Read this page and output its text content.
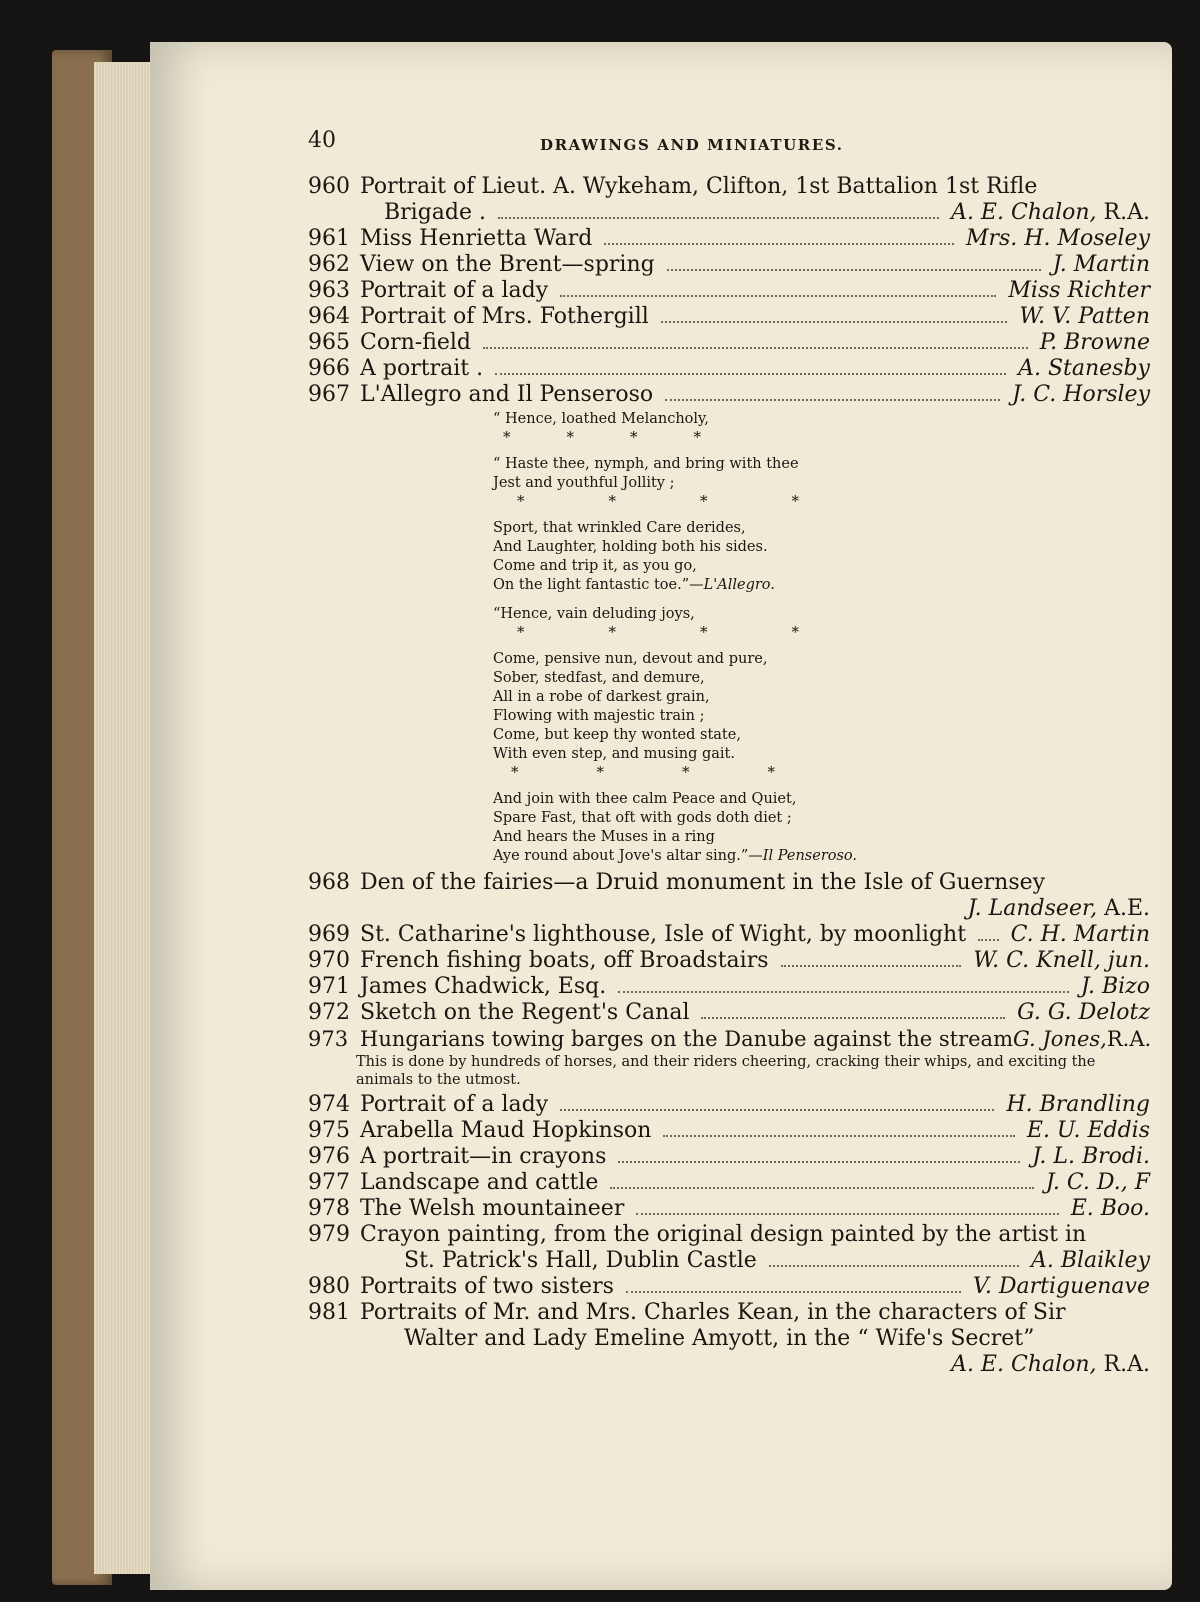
40	DRAWINGS AND MINIATURES.
960 Portrait of Lieut. A. Wykeham, Clifton, 1st Battalion 1st Rifle
Brigade .	A. E. Chalon, R.A.
961 Miss Henrietta Ward	Mrs. H. Moseley
962 View on the Brent—spring	J. Martin
963 Portrait of a lady	Miss Richter
964 Portrait of Mrs. Fothergill	W. V. Patten
965 Corn-field	P. Browne
966 A portrait .	A. Stanesby
967 L'Allegro and Il Penseroso	J. C. Horsley
“ Hence, loathed Melancholy,
*	*	*	*
“ Haste thee, nymph, and bring with thee
Jest and youthful Jollity ;
*	*	*	*
Sport, that wrinkled Care derides,
And Laughter, holding both his sides.
Come and trip it, as you go,
On the light fantastic toe.”—L'Allegro.
“Hence, vain deluding joys,
*	*	*	*
Come, pensive nun, devout and pure,
Sober, stedfast, and demure,
All in a robe of darkest grain,
Flowing with majestic train ;
Come, but keep thy wonted state,
With even step, and musing gait.
*	*	*	*
And join with thee calm Peace and Quiet,
Spare Fast, that oft with gods doth diet ;
And hears the Muses in a ring
Aye round about Jove's altar sing.”—Il Penseroso.
968 Den of the fairies—a Druid monument in the Isle of Guernsey
J. Landseer, A.E.
969 St. Catharine's lighthouse, Isle of Wight, by moonlight C. H. Martin
970 French fishing boats, off Broadstairs	W. C. Knell, jun.
971 James Chadwick, Esq.	J. Bizo
972 Sketch on the Regent's Canal	G. G. Delotz
973 Hungarians towing barges on the Danube against the stream G. Jones,R.A.
This is done by hundreds of horses, and their riders cheering, cracking their whips, and exciting the animals to the utmost.
974 Portrait of a lady	H. Brandling
975 Arabella Maud Hopkinson	E. U. Eddis
976 A portrait—in crayons	J. L. Brodi.
977 Landscape and cattle	J. C. D., F
978 The Welsh mountaineer	E. Boo.
979 Crayon painting, from the original design painted by the artist in
St. Patrick's Hall, Dublin Castle	A. Blaikley
980 Portraits of two sisters	V. Dartiguenave
981 Portraits of Mr. and Mrs. Charles Kean, in the characters of Sir
Walter and Lady Emeline Amyott, in the “ Wife's Secret”
A. E. Chalon, R.A.
